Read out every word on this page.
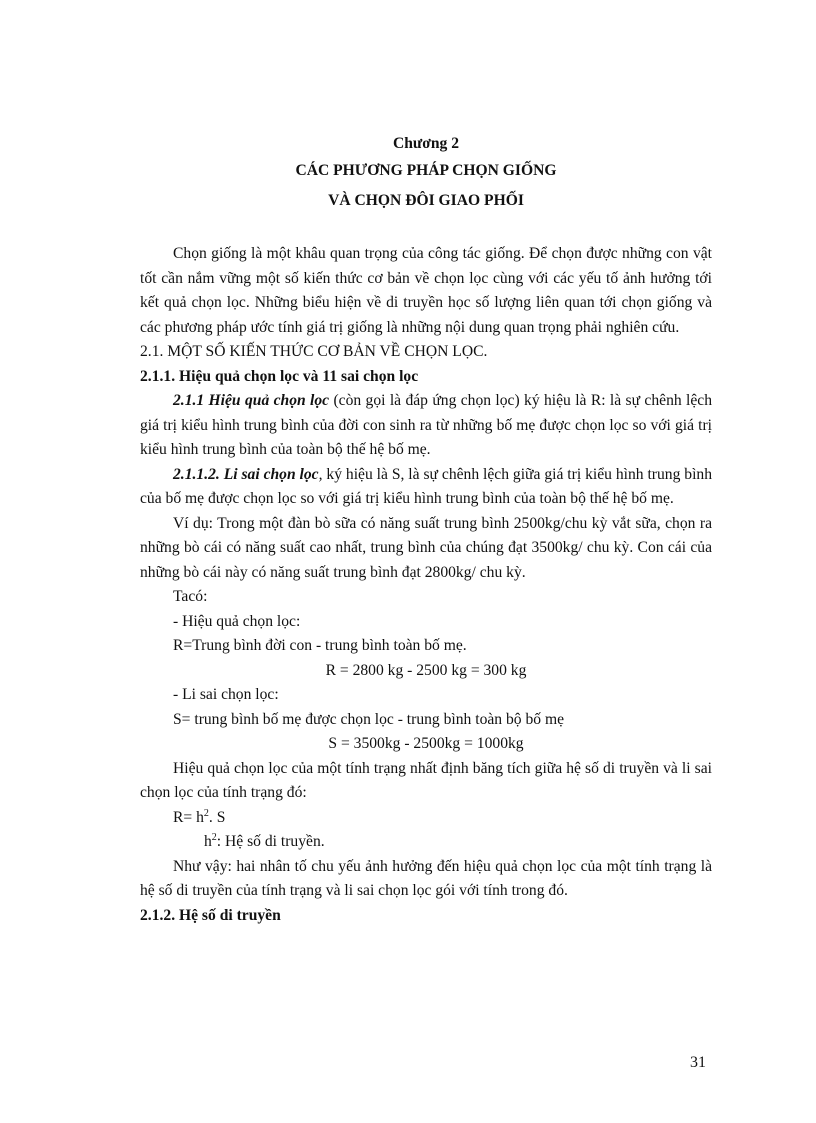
Chương 2
CÁC PHƯƠNG PHÁP CHỌN GIỐNG
VÀ CHỌN ĐÔI GIAO PHỐI

Chọn giống là một khâu quan trọng của công tác giống. Để chọn được những con vật tốt cần nắm vững một số kiến thức cơ bản về chọn lọc cùng với các yếu tố ảnh hưởng tới kết quả chọn lọc. Những biểu hiện về di truyền học số lượng liên quan tới chọn giống và các phương pháp ước tính giá trị giống là những nội dung quan trọng phải nghiên cứu.

2.1. MỘT SỐ KIẾN THỨC CƠ BẢN VỀ CHỌN LỌC.

2.1.1. Hiệu quả chọn lọc và 11 sai chọn lọc

2.1.1 Hiệu quả chọn lọc (còn gọi là đáp ứng chọn lọc) ký hiệu là R: là sự chênh lệch giá trị kiểu hình trung bình của đời con sinh ra từ những bố mẹ được chọn lọc so với giá trị kiểu hình trung bình của toàn bộ thế hệ bố mẹ.

2.1.1.2. Li sai chọn lọc, ký hiệu là S, là sự chênh lệch giữa giá trị kiểu hình trung bình của bố mẹ được chọn lọc so với giá trị kiểu hình trung bình của toàn bộ thế hệ bố mẹ.

Ví dụ: Trong một đàn bò sữa có năng suất trung bình 2500kg/chu kỳ vắt sữa, chọn ra những bò cái có năng suất cao nhất, trung bình của chúng đạt 3500kg/ chu kỳ. Con cái của những bò cái này có năng suất trung bình đạt 2800kg/ chu kỳ.

Tacó:

- Hiệu quả chọn lọc:

R=Trung bình đời con - trung bình toàn bố mẹ.

R = 2800 kg - 2500 kg = 300 kg

- Li sai chọn lọc:

S= trung bình bố mẹ được chọn lọc - trung bình toàn bộ bố mẹ

S = 3500kg - 2500kg = 1000kg

Hiệu quả chọn lọc của một tính trạng nhất định băng tích giữa hệ số di truyền và li sai chọn lọc của tính trạng đó:

$R= h^2$. S

$h^2$: Hệ số di truyền.

Như vậy: hai nhân tố chu yếu ảnh hưởng đến hiệu quả chọn lọc của một tính trạng là hệ số di truyền của tính trạng và li sai chọn lọc gói với tính trong đó.

2.1.2. Hệ số di truyền

31
